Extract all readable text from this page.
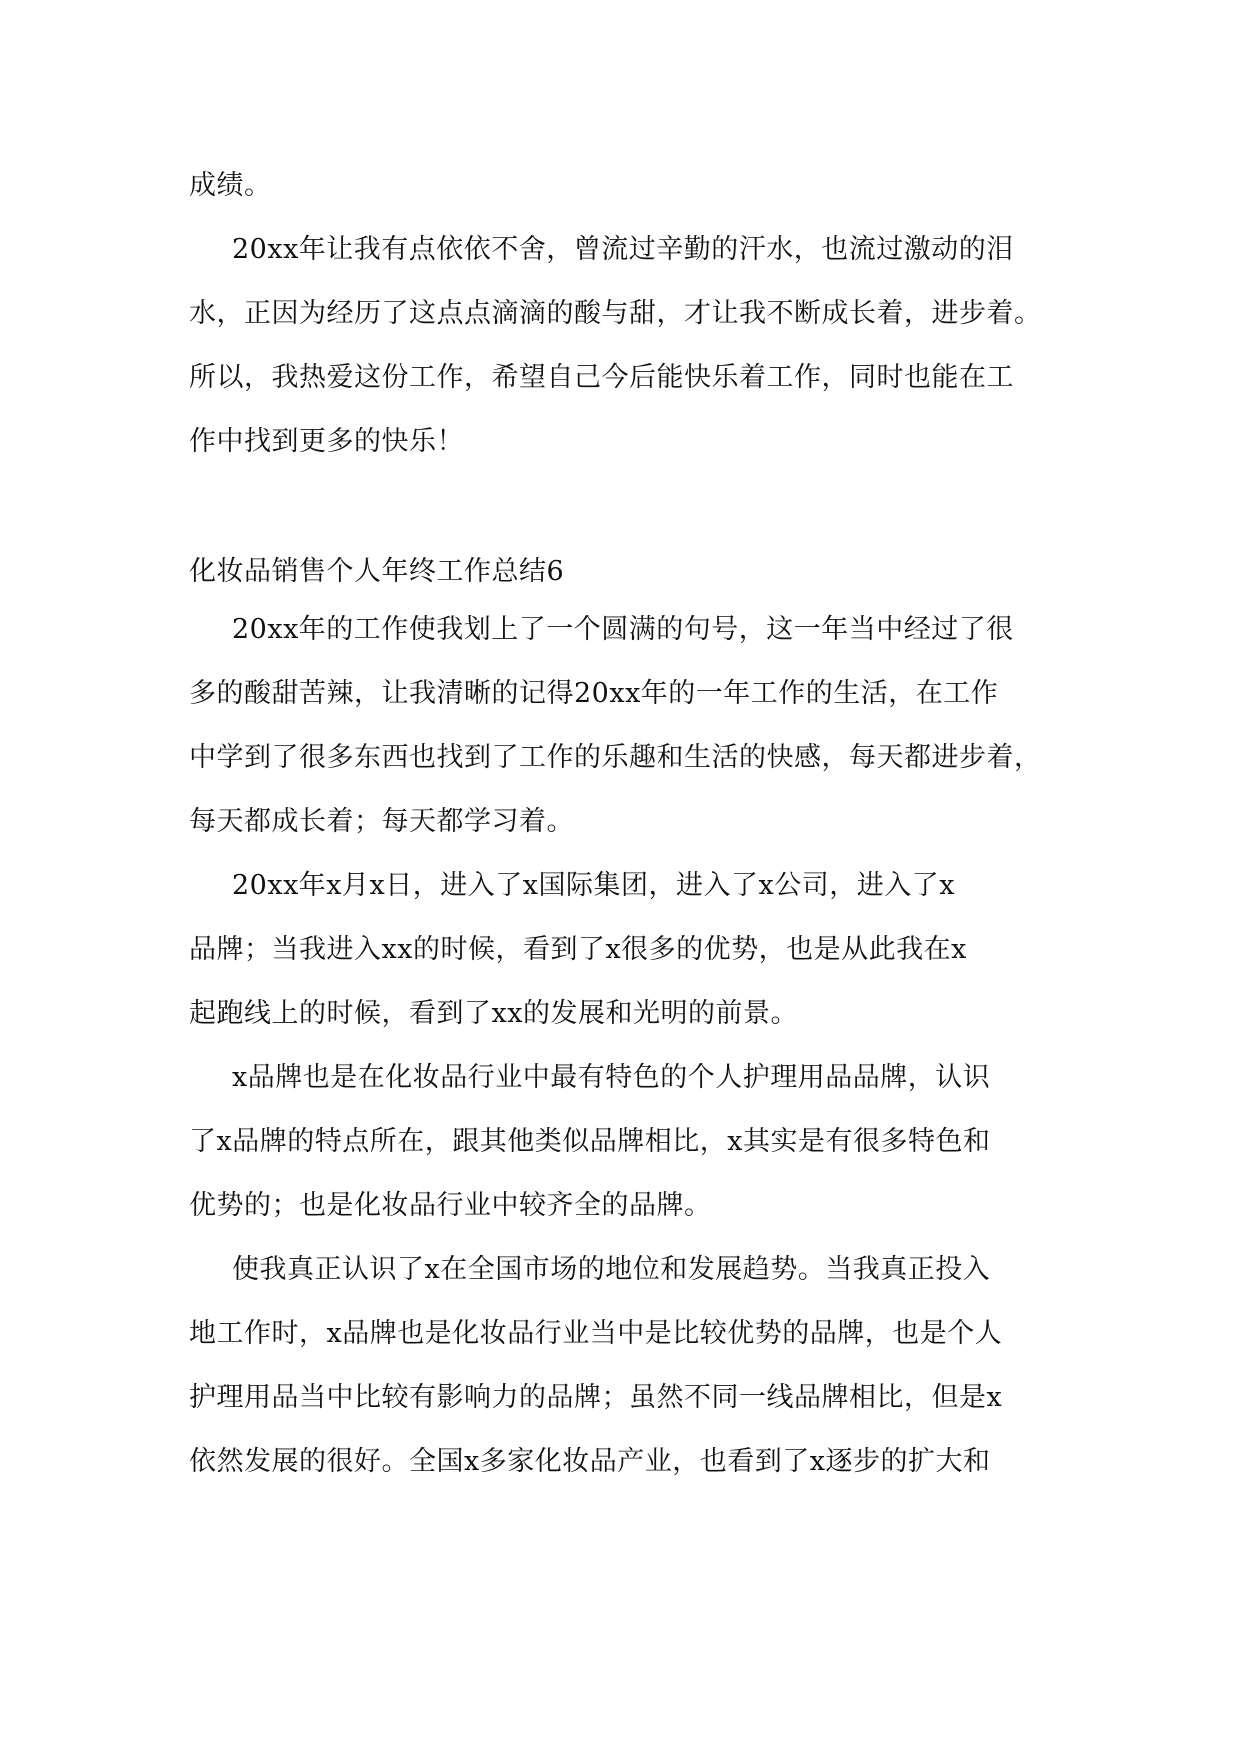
成绩。
20xx年让我有点依依不舍，曾流过辛勤的汗水，也流过激动的泪
水，正因为经历了这点点滴滴的酸与甜，才让我不断成长着，进步着。
所以，我热爱这份工作，希望自己今后能快乐着工作，同时也能在工
作中找到更多的快乐！
化妆品销售个人年终工作总结6
20xx年的工作使我划上了一个圆满的句号，这一年当中经过了很
多的酸甜苦辣，让我清晰的记得20xx年的一年工作的生活，在工作
中学到了很多东西也找到了工作的乐趣和生活的快感，每天都进步着，
每天都成长着；每天都学习着。
20xx年x月x日，进入了x国际集团，进入了x公司，进入了x
品牌；当我进入xx的时候，看到了x很多的优势，也是从此我在x
起跑线上的时候，看到了xx的发展和光明的前景。
x品牌也是在化妆品行业中最有特色的个人护理用品品牌，认识
了x品牌的特点所在，跟其他类似品牌相比，x其实是有很多特色和
优势的；也是化妆品行业中较齐全的品牌。
使我真正认识了x在全国市场的地位和发展趋势。当我真正投入
地工作时，x品牌也是化妆品行业当中是比较优势的品牌，也是个人
护理用品当中比较有影响力的品牌；虽然不同一线品牌相比，但是x
依然发展的很好。全国x多家化妆品产业，也看到了x逐步的扩大和
